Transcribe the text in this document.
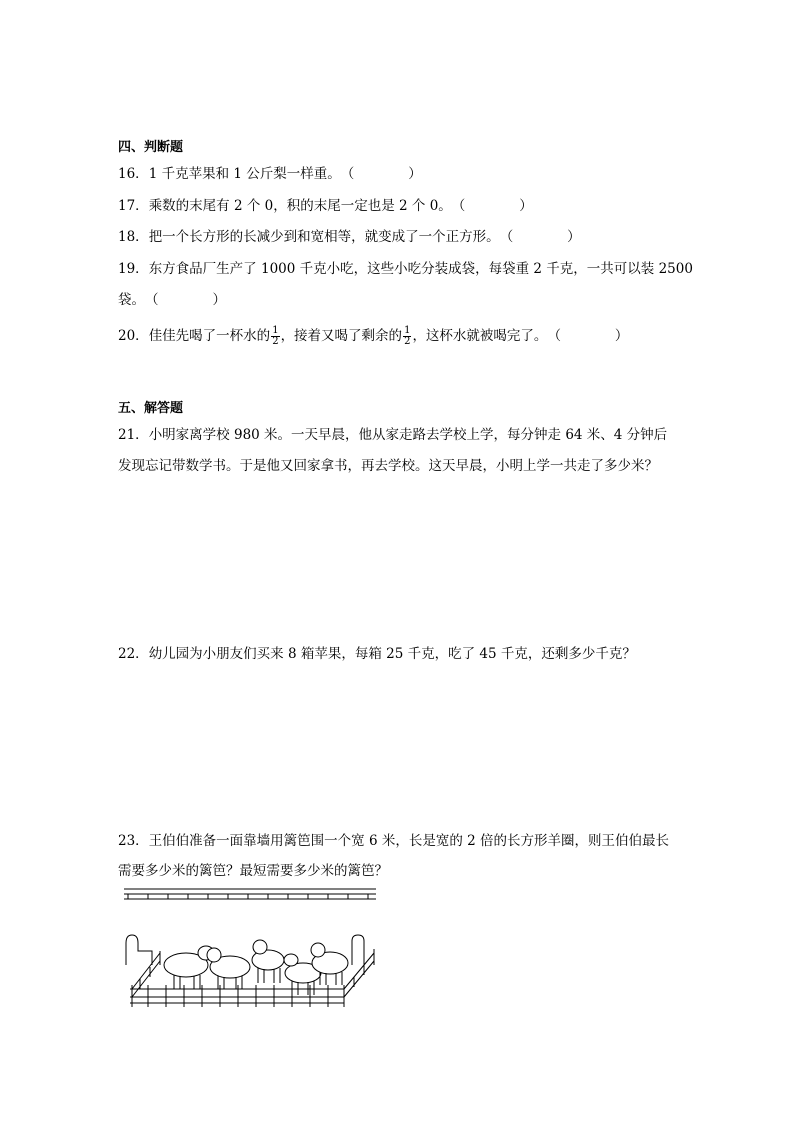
四、判断题
16．1 千克苹果和 1 公斤梨一样重。（　　　　）
17．乘数的末尾有 2 个 0，积的末尾一定也是 2 个 0。（　　　　）
18．把一个长方形的长减少到和宽相等，就变成了一个正方形。（　　　　）
19．东方食品厂生产了 1000 千克小吃，这些小吃分装成袋，每袋重 2 千克，一共可以装 2500
袋。（　　　　）
20．佳佳先喝了一杯水的 $\frac{1}{2}$ ，接着又喝了剩余的 $\frac{1}{2}$ ，这杯水就被喝完了。（　　　　）
五、解答题
21．小明家离学校 980 米。一天早晨，他从家走路去学校上学，每分钟走 64 米、4 分钟后
发现忘记带数学书。于是他又回家拿书，再去学校。这天早晨，小明上学一共走了多少米？
22．幼儿园为小朋友们买来 8 箱苹果，每箱 25 千克，吃了 45 千克，还剩多少千克？
23．王伯伯准备一面靠墙用篱笆围一个宽 6 米，长是宽的 2 倍的长方形羊圈，则王伯伯最长
需要多少米的篱笆？最短需要多少米的篱笆？
